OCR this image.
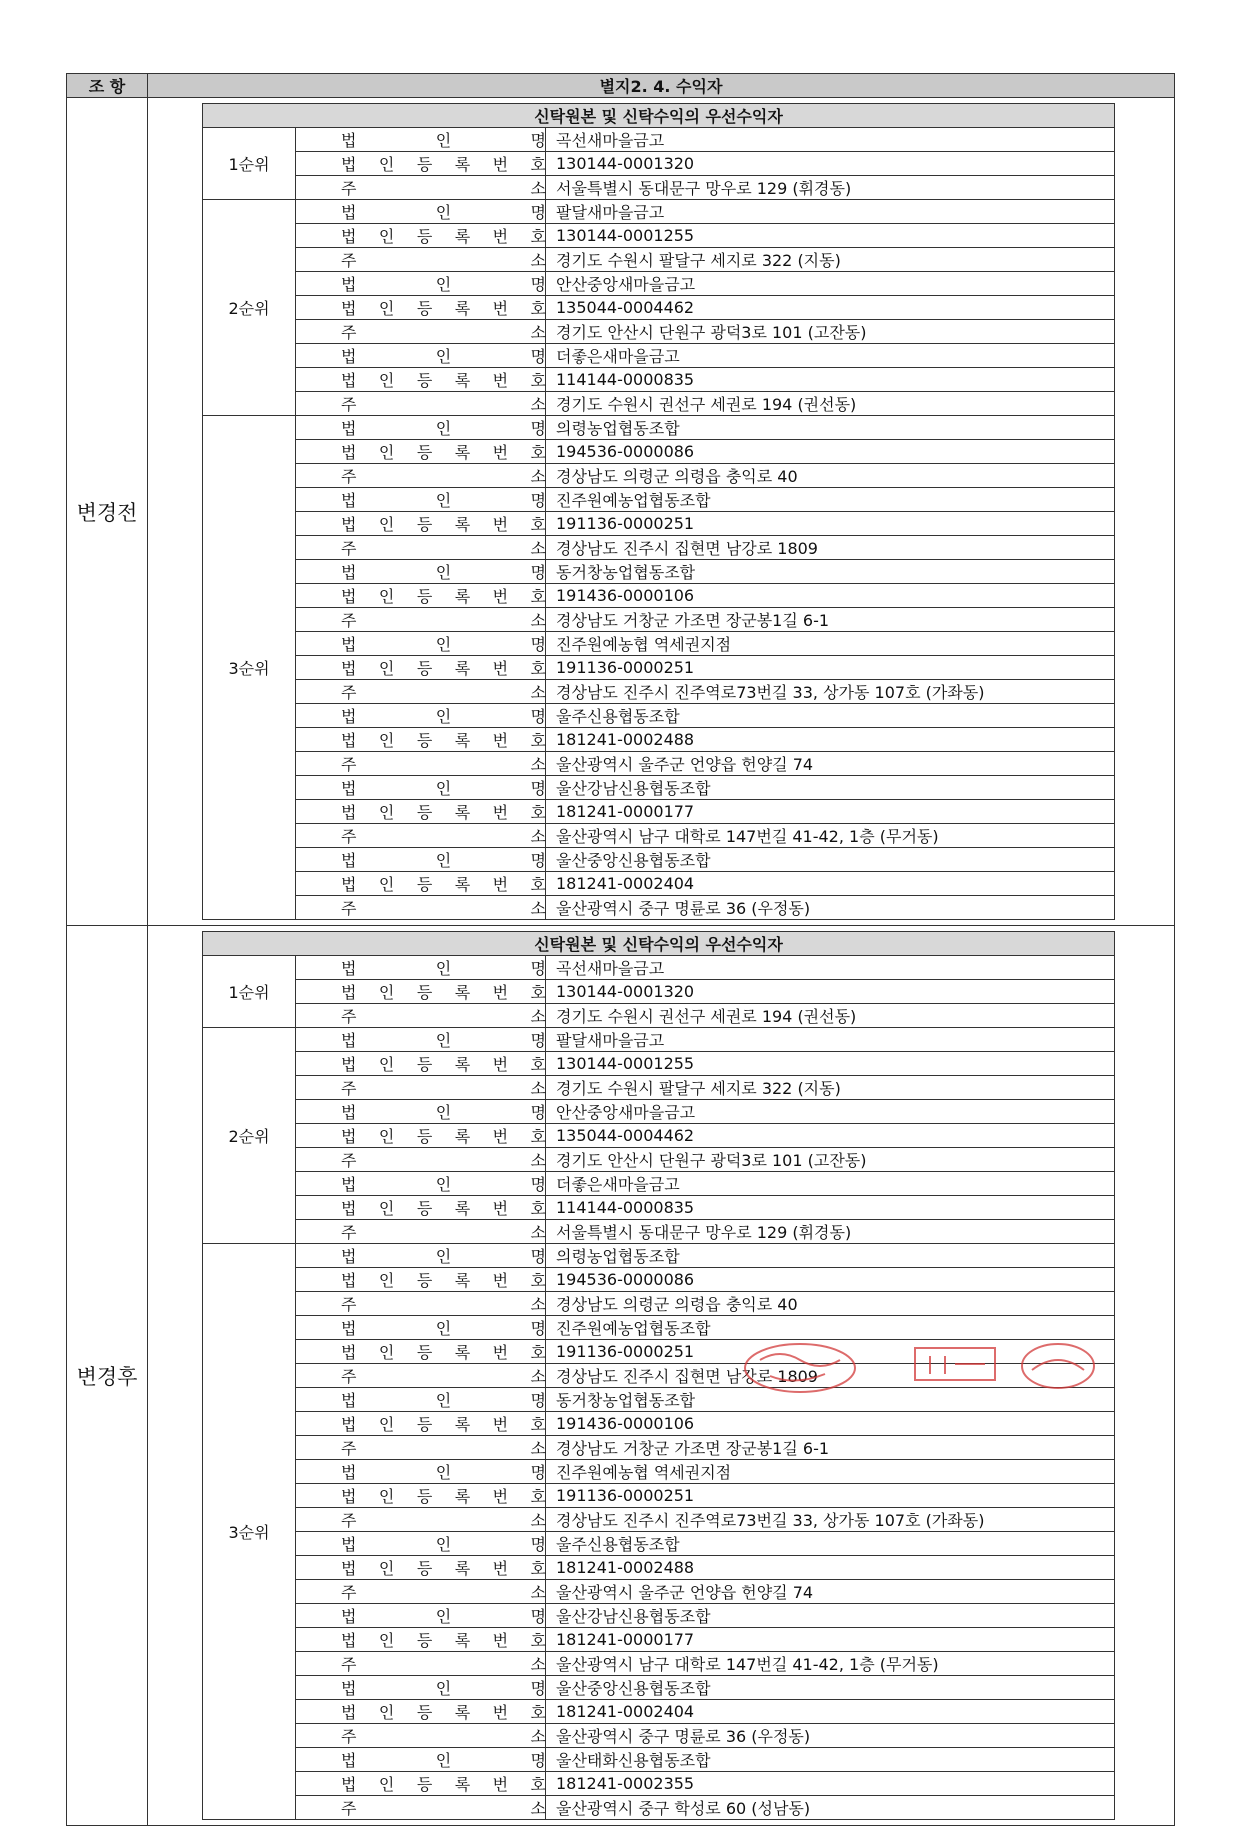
조 항	별지2. 4. 수익자
변경전	
신탁원본 및 신탁수익의 우선수익자
1순위	
법 인 명	곡선새마을금고

법 인 등 록 번 호	130144-0001320

주 소	서울특별시 동대문구 망우로 129 (휘경동)
2순위	
법 인 명	팔달새마을금고

법 인 등 록 번 호	130144-0001255

주 소	경기도 수원시 팔달구 세지로 322 (지동)

법 인 명	안산중앙새마을금고

법 인 등 록 번 호	135044-0004462

주 소	경기도 안산시 단원구 광덕3로 101 (고잔동)

법 인 명	더좋은새마을금고

법 인 등 록 번 호	114144-0000835

주 소	경기도 수원시 권선구 세권로 194 (권선동)
3순위	
법 인 명	의령농업협동조합

법 인 등 록 번 호	194536-0000086

주 소	경상남도 의령군 의령읍 충익로 40

법 인 명	진주원예농업협동조합

법 인 등 록 번 호	191136-0000251

주 소	경상남도 진주시 집현면 남강로 1809

법 인 명	동거창농업협동조합

법 인 등 록 번 호	191436-0000106

주 소	경상남도 거창군 가조면 장군봉1길 6-1

법 인 명	진주원예농협 역세권지점

법 인 등 록 번 호	191136-0000251

주 소	경상남도 진주시 진주역로73번길 33, 상가동 107호 (가좌동)

법 인 명	울주신용협동조합

법 인 등 록 번 호	181241-0002488

주 소	울산광역시 울주군 언양읍 헌양길 74

법 인 명	울산강남신용협동조합

법 인 등 록 번 호	181241-0000177

주 소	울산광역시 남구 대학로 147번길 41-42, 1층 (무거동)

법 인 명	울산중앙신용협동조합

법 인 등 록 번 호	181241-0002404

주 소	울산광역시 중구 명륜로 36 (우정동)

변경후	
신탁원본 및 신탁수익의 우선수익자
1순위	
법 인 명	곡선새마을금고

법 인 등 록 번 호	130144-0001320

주 소	경기도 수원시 권선구 세권로 194 (권선동)
2순위	
법 인 명	팔달새마을금고

법 인 등 록 번 호	130144-0001255

주 소	경기도 수원시 팔달구 세지로 322 (지동)

법 인 명	안산중앙새마을금고

법 인 등 록 번 호	135044-0004462

주 소	경기도 안산시 단원구 광덕3로 101 (고잔동)

법 인 명	더좋은새마을금고

법 인 등 록 번 호	114144-0000835

주 소	서울특별시 동대문구 망우로 129 (휘경동)
3순위	
법 인 명	의령농업협동조합

법 인 등 록 번 호	194536-0000086

주 소	경상남도 의령군 의령읍 충익로 40

법 인 명	진주원예농업협동조합

법 인 등 록 번 호	191136-0000251

주 소	경상남도 진주시 집현면 남강로 1809

법 인 명	동거창농업협동조합

법 인 등 록 번 호	191436-0000106

주 소	경상남도 거창군 가조면 장군봉1길 6-1

법 인 명	진주원예농협 역세권지점

법 인 등 록 번 호	191136-0000251

주 소	경상남도 진주시 진주역로73번길 33, 상가동 107호 (가좌동)

법 인 명	울주신용협동조합

법 인 등 록 번 호	181241-0002488

주 소	울산광역시 울주군 언양읍 헌양길 74

법 인 명	울산강남신용협동조합

법 인 등 록 번 호	181241-0000177

주 소	울산광역시 남구 대학로 147번길 41-42, 1층 (무거동)

법 인 명	울산중앙신용협동조합

법 인 등 록 번 호	181241-0002404

주 소	울산광역시 중구 명륜로 36 (우정동)

법 인 명	울산태화신용협동조합

법 인 등 록 번 호	181241-0002355

주 소	울산광역시 중구 학성로 60 (성남동)
